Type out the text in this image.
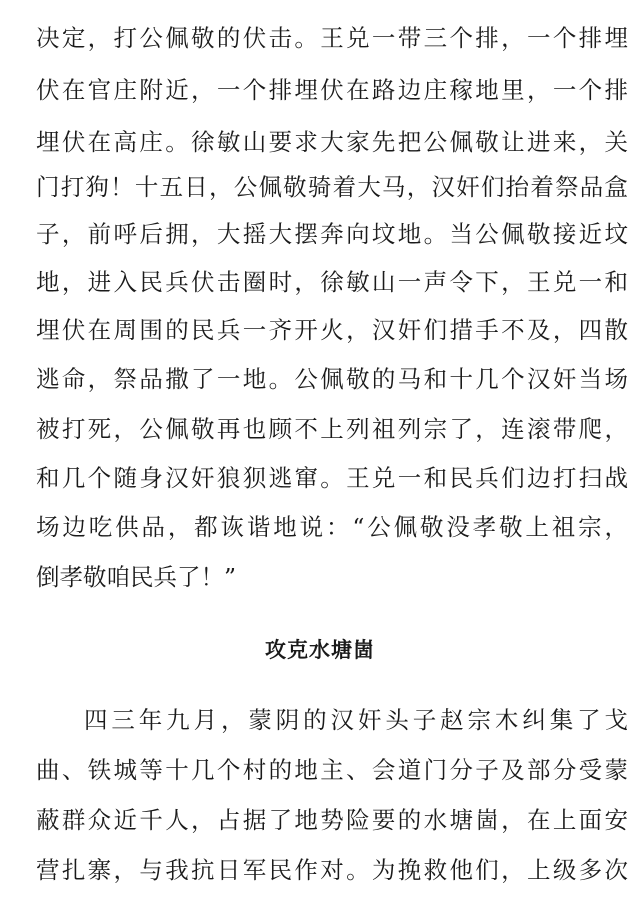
决定，打公佩敬的伏击。王兑一带三个排，一个排埋
伏在官庄附近，一个排埋伏在路边庄稼地里，一个排
埋伏在高庄。徐敏山要求大家先把公佩敬让进来，关
门打狗！十五日，公佩敬骑着大马，汉奸们抬着祭品盒
子，前呼后拥，大摇大摆奔向坟地。当公佩敬接近坟
地，进入民兵伏击圈时，徐敏山一声令下，王兑一和
埋伏在周围的民兵一齐开火，汉奸们措手不及，四散
逃命，祭品撒了一地。公佩敬的马和十几个汉奸当场
被打死，公佩敬再也顾不上列祖列宗了，连滚带爬，
和几个随身汉奸狼狈逃窜。王兑一和民兵们边打扫战
场边吃供品，都诙谐地说：“公佩敬没孝敬上祖宗，
倒孝敬咱民兵了！”
攻克水塘崮
四三年九月，蒙阴的汉奸头子赵宗木纠集了戈
曲、铁城等十几个村的地主、会道门分子及部分受蒙
蔽群众近千人，占据了地势险要的水塘崮，在上面安
营扎寨，与我抗日军民作对。为挽救他们，上级多次
